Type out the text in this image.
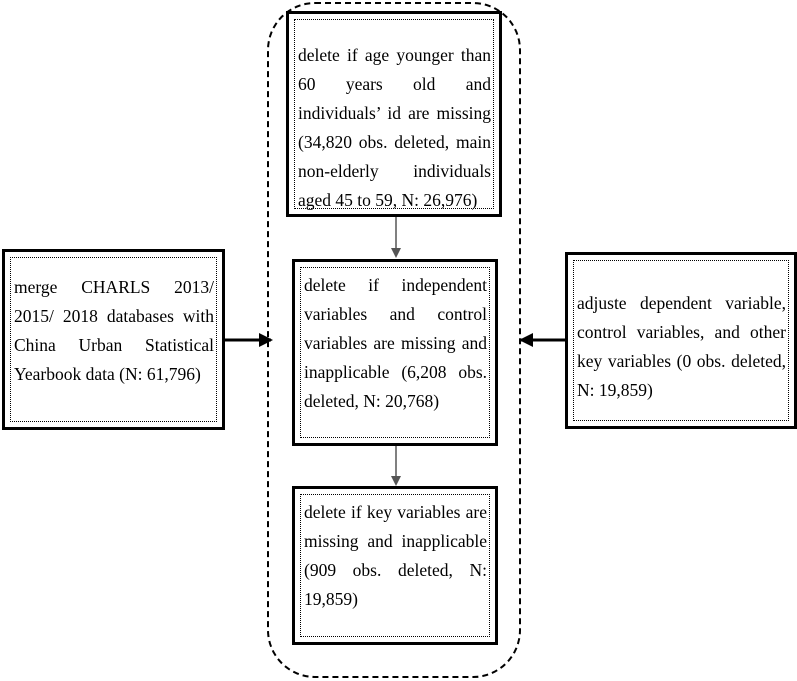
delete if age younger than 60 years old and individuals’ id are missing (34,820 obs. deleted, main non-elderly individuals aged 45 to 59, N: 26,976)
delete if independent variables and control variables are missing and inapplicable (6,208 obs. deleted, N: 20,768)
delete if key variables are missing and inapplicable (909 obs. deleted, N: 19,859)
merge CHARLS 2013/ 2015/ 2018 databases with China Urban Statistical Yearbook data (N: 61,796)
adjuste dependent variable, control variables, and other key variables (0 obs. deleted, N: 19,859)
